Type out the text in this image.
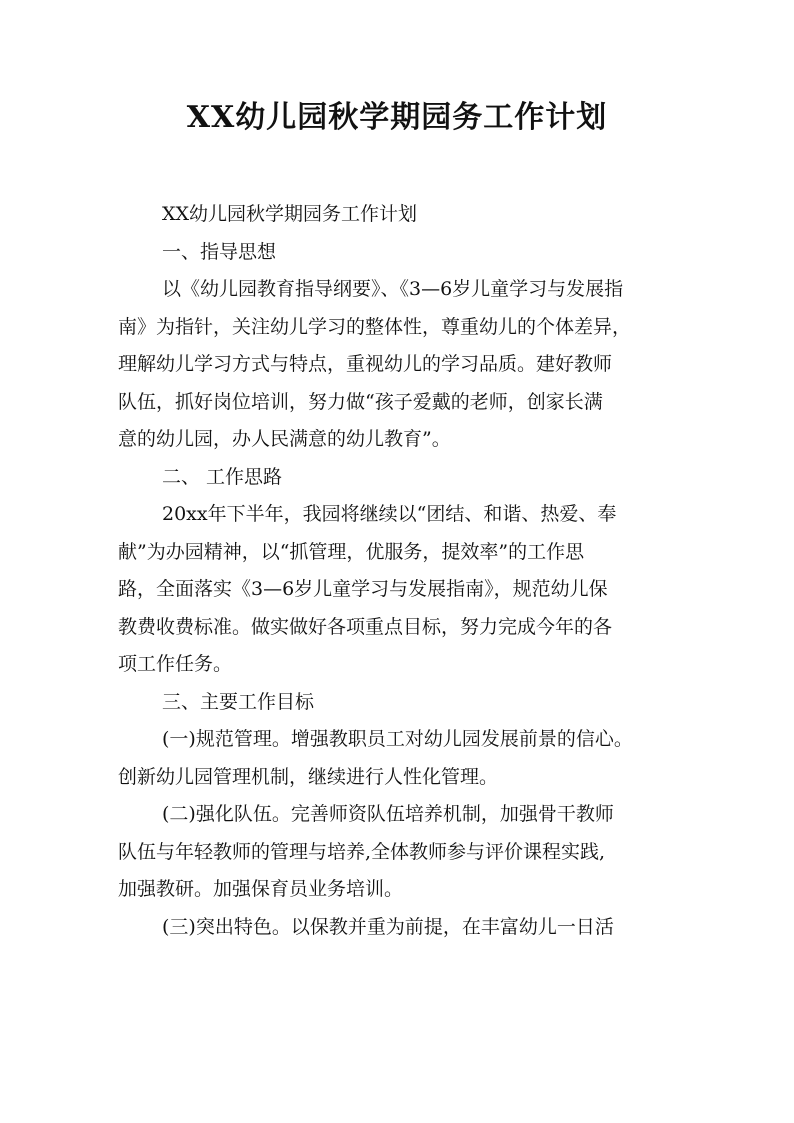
XX幼儿园秋学期园务工作计划
XX幼儿园秋学期园务工作计划
一、指导思想
以《幼儿园教育指导纲要》、《3—6岁儿童学习与发展指
南》为指针，关注幼儿学习的整体性，尊重幼儿的个体差异，
理解幼儿学习方式与特点，重视幼儿的学习品质。建好教师
队伍，抓好岗位培训，努力做“孩子爱戴的老师，创家长满
意的幼儿园，办人民满意的幼儿教育”。
二、 工作思路
20xx年下半年，我园将继续以“团结、和谐、热爱、奉
献”为办园精神，以“抓管理，优服务，提效率”的工作思
路，全面落实《3—6岁儿童学习与发展指南》，规范幼儿保
教费收费标准。做实做好各项重点目标，努力完成今年的各
项工作任务。
三、主要工作目标
(一)规范管理。增强教职员工对幼儿园发展前景的信心。
创新幼儿园管理机制，继续进行人性化管理。
(二)强化队伍。完善师资队伍培养机制，加强骨干教师
队伍与年轻教师的管理与培养,全体教师参与评价课程实践,
加强教研。加强保育员业务培训。
(三)突出特色。以保教并重为前提，在丰富幼儿一日活
